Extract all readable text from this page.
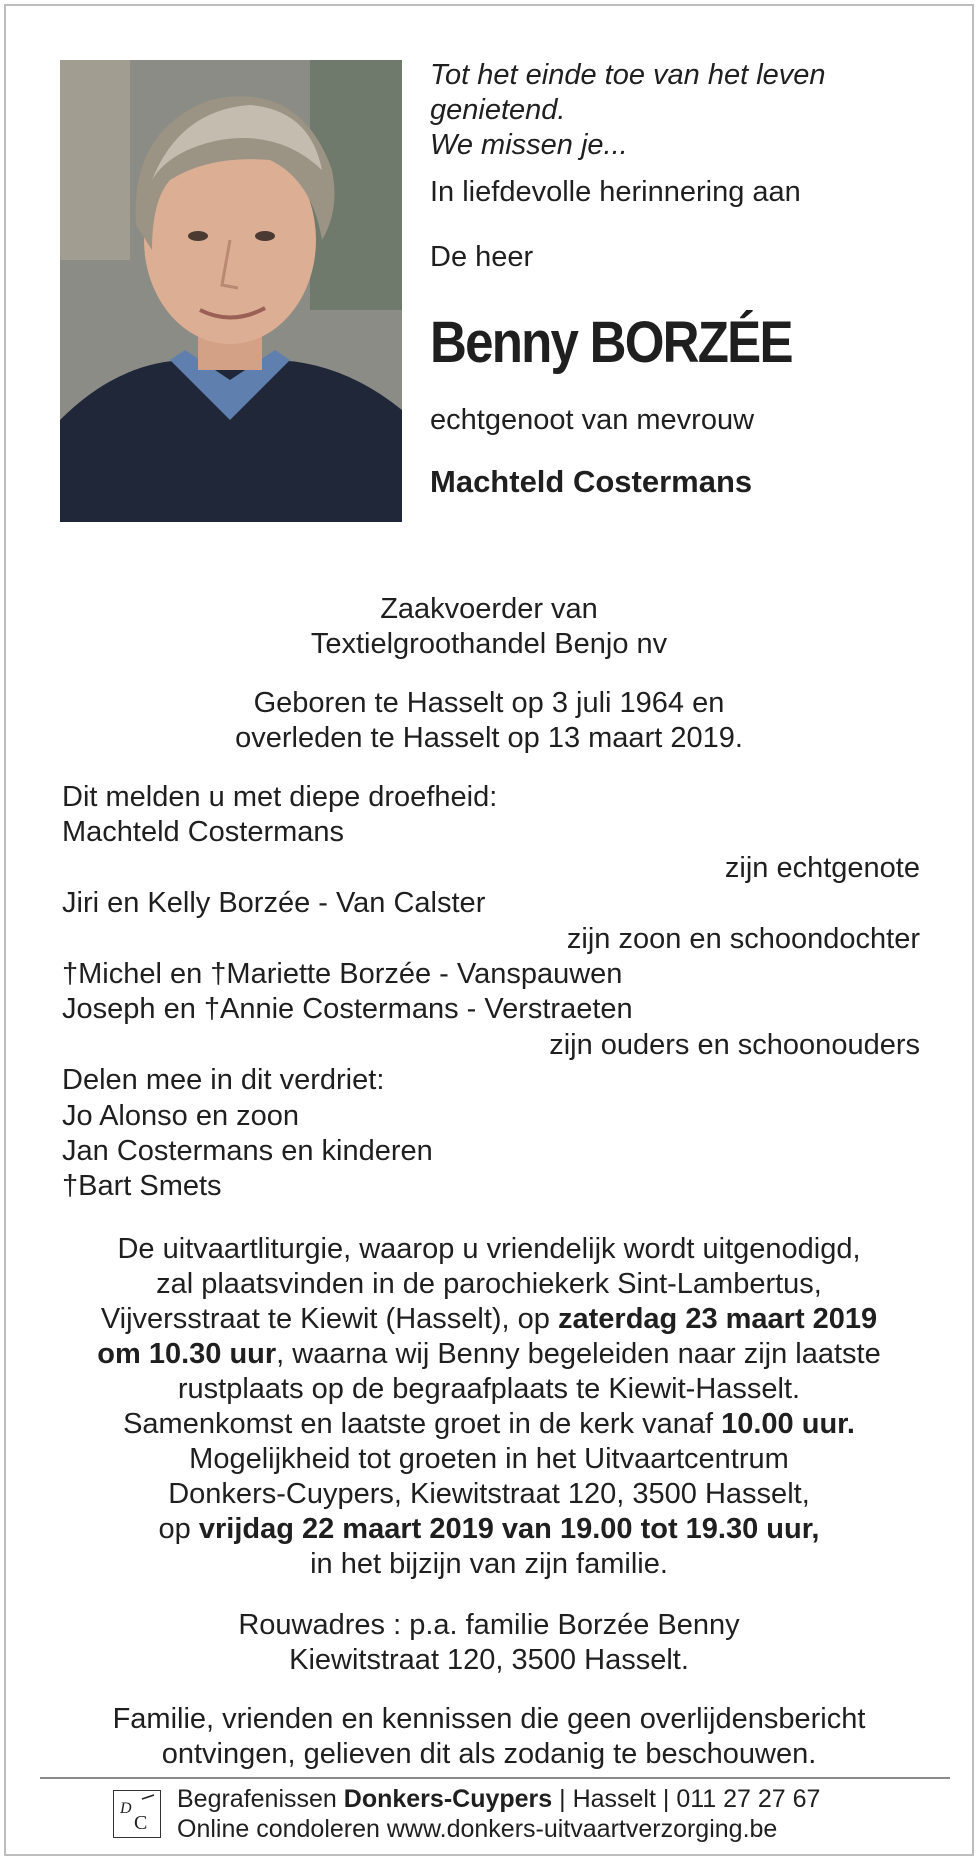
Tot het einde toe van het leven

genietend.

We missen je...

In liefdevolle herinnering aan

De heer

Benny BORZÉE

echtgenoot van mevrouw

Machteld Costermans

Zaakvoerder van

Textielgroothandel Benjo nv

Geboren te Hasselt op 3 juli 1964 en

overleden te Hasselt op 13 maart 2019.

Dit melden u met diepe droefheid:

Machteld Costermans

zijn echtgenote

Jiri en Kelly Borzée - Van Calster

zijn zoon en schoondochter

†Michel en †Mariette Borzée - Vanspauwen

Joseph en †Annie Costermans - Verstraeten

zijn ouders en schoonouders

Delen mee in dit verdriet:

Jo Alonso en zoon

Jan Costermans en kinderen

†Bart Smets

De uitvaartliturgie, waarop u vriendelijk wordt uitgenodigd,

zal plaatsvinden in de parochiekerk Sint-Lambertus,

Vijversstraat te Kiewit (Hasselt), op zaterdag 23 maart 2019

om 10.30 uur, waarna wij Benny begeleiden naar zijn laatste

rustplaats op de begraafplaats te Kiewit-Hasselt.

Samenkomst en laatste groet in de kerk vanaf 10.00 uur.

Mogelijkheid tot groeten in het Uitvaartcentrum

Donkers-Cuypers, Kiewitstraat 120, 3500 Hasselt,

op vrijdag 22 maart 2019 van 19.00 tot 19.30 uur,

in het bijzijn van zijn familie.

Rouwadres : p.a. familie Borzée Benny

Kiewitstraat 120, 3500 Hasselt.

Familie, vrienden en kennissen die geen overlijdensbericht

ontvingen, gelieven dit als zodanig te beschouwen.

D
C

Begrafenissen Donkers-Cuypers | Hasselt | 011 27 27 67

Online condoleren www.donkers-uitvaartverzorging.be
